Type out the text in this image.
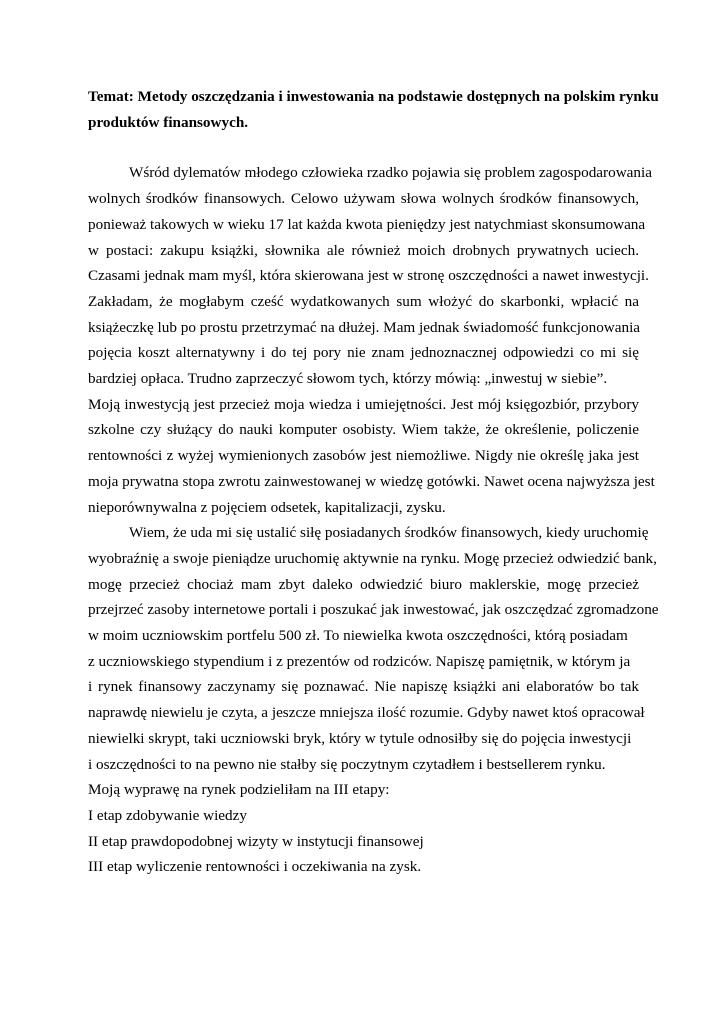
Temat: Metody oszczędzania i inwestowania na podstawie dostępnych na polskim rynku
produktów finansowych.
Wśród dylematów młodego człowieka rzadko pojawia się problem zagospodarowania
wolnych środków finansowych. Celowo używam słowa wolnych środków finansowych,
ponieważ takowych w wieku 17 lat każda kwota pieniędzy jest natychmiast skonsumowana
w postaci: zakupu książki, słownika ale również moich drobnych prywatnych uciech.
Czasami jednak mam myśl, która skierowana jest w stronę oszczędności a nawet inwestycji.
Zakładam, że mogłabym cześć wydatkowanych sum włożyć do skarbonki, wpłacić na
książeczkę lub po prostu przetrzymać na dłużej. Mam jednak świadomość funkcjonowania
pojęcia koszt alternatywny i do tej pory nie znam jednoznacznej odpowiedzi co mi się
bardziej opłaca. Trudno zaprzeczyć słowom tych, którzy mówią: „inwestuj w siebie”.
Moją inwestycją jest przecież moja wiedza i umiejętności. Jest mój księgozbiór, przybory
szkolne czy służący do nauki komputer osobisty. Wiem także, że określenie, policzenie
rentowności z wyżej wymienionych zasobów jest niemożliwe. Nigdy nie określę jaka jest
moja prywatna stopa zwrotu zainwestowanej w wiedzę gotówki. Nawet ocena najwyższa jest
nieporównywalna z pojęciem odsetek, kapitalizacji, zysku.
Wiem, że uda mi się ustalić siłę posiadanych środków finansowych, kiedy uruchomię
wyobraźnię a swoje pieniądze uruchomię aktywnie na rynku. Mogę przecież odwiedzić bank,
mogę przecież chociaż mam zbyt daleko odwiedzić biuro maklerskie, mogę przecież
przejrzeć zasoby internetowe portali i poszukać jak inwestować, jak oszczędzać zgromadzone
w moim uczniowskim portfelu 500 zł. To niewielka kwota oszczędności, którą posiadam
z uczniowskiego stypendium i z prezentów od rodziców. Napiszę pamiętnik, w którym ja
i rynek finansowy zaczynamy się poznawać. Nie napiszę książki ani elaboratów bo tak
naprawdę niewielu je czyta, a jeszcze mniejsza ilość rozumie. Gdyby nawet ktoś opracował
niewielki skrypt, taki uczniowski bryk, który w tytule odnosiłby się do pojęcia inwestycji
i oszczędności to na pewno nie stałby się poczytnym czytadłem i bestsellerem rynku.
Moją wyprawę na rynek podzieliłam na III etapy:
I etap zdobywanie wiedzy
II etap prawdopodobnej wizyty w instytucji finansowej
III etap wyliczenie rentowności i oczekiwania na zysk.
